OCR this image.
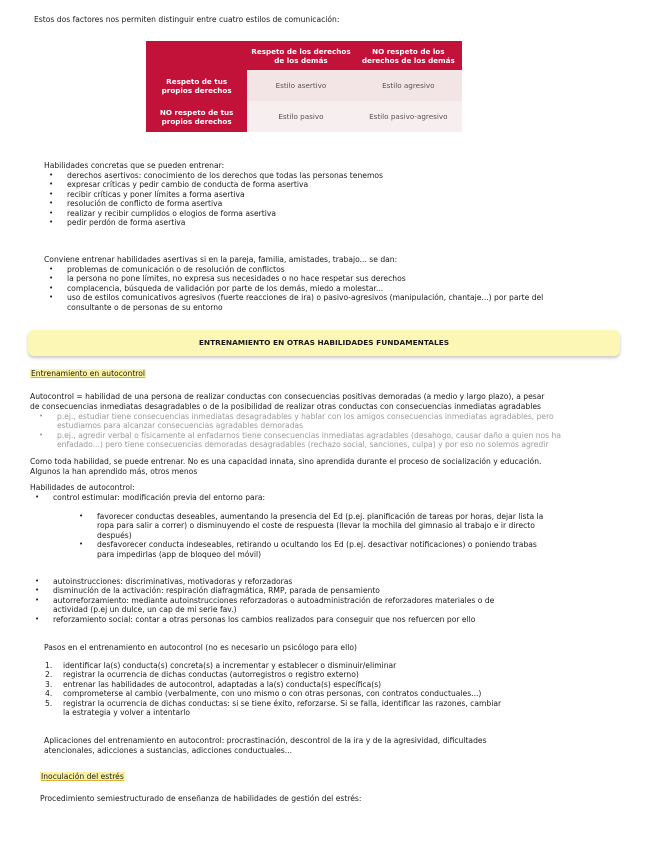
Estos dos factores nos permiten distinguir entre cuatro estilos de comunicación:

	Respeto de los derechos de los demás	NO respeto de los derechos de los demás
Respeto de tus propios derechos	Estilo asertivo	Estilo agresivo
NO respeto de tus propios derechos	Estilo pasivo	Estilo pasivo-agresivo

Habilidades concretas que se pueden entrenar:

• derechos asertivos: conocimiento de los derechos que todas las personas tenemos
• expresar críticas y pedir cambio de conducta de forma asertiva
• recibir críticas y poner límites a forma asertiva
• resolución de conflicto de forma asertiva
• realizar y recibir cumplidos o elogios de forma asertiva
• pedir perdón de forma asertiva

Conviene entrenar habilidades asertivas si en la pareja, familia, amistades, trabajo... se dan:

• problemas de comunicación o de resolución de conflictos
• la persona no pone límites, no expresa sus necesidades o no hace respetar sus derechos
• complacencia, búsqueda de validación por parte de los demás, miedo a molestar...
• uso de estilos comunicativos agresivos (fuerte reacciones de ira) o pasivo-agresivos (manipulación, chantaje...) por parte del
consultante o de personas de su entorno
ENTRENAMIENTO EN OTRAS HABILIDADES FUNDAMENTALES

Entrenamiento en autocontrol

Autocontrol = habilidad de una persona de realizar conductas con consecuencias positivas demoradas (a medio y largo plazo), a pesar

de consecuencias inmediatas desagradables o de la posibilidad de realizar otras conductas con consecuencias inmediatas agradables

• p.ej., estudiar tiene consecuencias inmediatas desagradables y hablar con los amigos consecuencias inmediatas agradables, pero
estudiamos para alcanzar consecuencias agradables demoradas
• p.ej., agredir verbal o físicamente al enfadarnos tiene consecuencias inmediatas agradables (desahogo, causar daño a quien nos ha
enfadado...) pero tiene consecuencias demoradas desagradables (rechazo social, sanciones, culpa) y por eso no solemos agredir

Como toda habilidad, se puede entrenar. No es una capacidad innata, sino aprendida durante el proceso de socialización y educación.

Algunos la han aprendido más, otros menos

Habilidades de autocontrol:

• control estimular: modificación previa del entorno para:
• favorecer conductas deseables, aumentando la presencia del Ed (p.ej. planificación de tareas por horas, dejar lista la
ropa para salir a correr) o disminuyendo el coste de respuesta (llevar la mochila del gimnasio al trabajo e ir directo
después)
• desfavorecer conducta indeseables, retirando u ocultando los Ed (p.ej. desactivar notificaciones) o poniendo trabas
para impedirlas (app de bloqueo del móvil)
• autoinstrucciones: discriminativas, motivadoras y reforzadoras
• disminución de la activación: respiración diafragmática, RMP, parada de pensamiento
• autorreforzamiento: mediante autoinstrucciones reforzadoras o autoadministración de reforzadores materiales o de
actividad (p.ej un dulce, un cap de mi serie fav.)
• reforzamiento social: contar a otras personas los cambios realizados para conseguir que nos refuercen por ello

Pasos en el entrenamiento en autocontrol (no es necesario un psicólogo para ello)

1. identificar la(s) conducta(s) concreta(s) a incrementar y establecer o disminuir/eliminar
2. registrar la ocurrencia de dichas conductas (autorregistros o registro externo)
3. entrenar las habilidades de autocontrol, adaptadas a la(s) conducta(s) específica(s)
4. comprometerse al cambio (verbalmente, con uno mismo o con otras personas, con contratos conductuales...)
5. registrar la ocurrencia de dichas conductas: si se tiene éxito, reforzarse. Si se falla, identificar las razones, cambiar
la estrategia y volver a intentarlo

Aplicaciones del entrenamiento en autocontrol: procrastinación, descontrol de la ira y de la agresividad, dificultades

atencionales, adicciones a sustancias, adicciones conductuales...

Inoculación del estrés

Procedimiento semiestructurado de enseñanza de habilidades de gestión del estrés:
